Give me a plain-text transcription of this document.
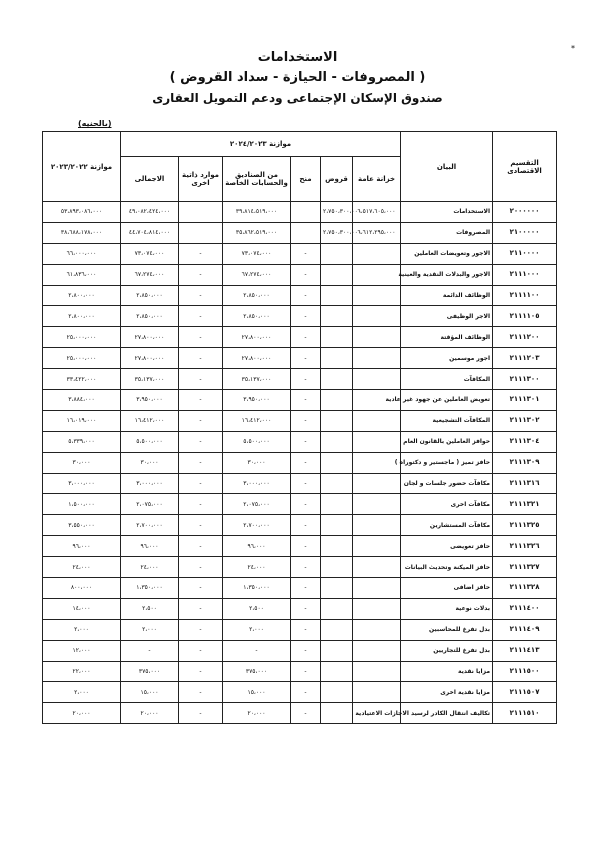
*
الاستخدامات
( المصروفات - الحيازة - سداد القروض )
صندوق الإسكان الإجتماعى ودعم التمويل العقارى
(بالجنيه)
موازنة ٢٠٢٣/٢٠٢٢	موازنة ٢٠٢٤/٢٠٢٣						البيان	التقسيم الاقتصادى
	الاجمالى	موارد ذاتية اخرى	من الصناديق والحسابات الخاصة	منح	قروض	خزانة عامة		
٥٣،٨٩٣،٠٨٦،٠٠٠	٤٩،٠٨٢،٤٢٤،٠٠٠		٣٩،٨١٤،٥١٩،٠٠٠		٢،٧٥٠،٣٠٠،٠٠٠	٦،٥١٧،٦٠٥،٠٠٠	الاستخدامات	٢٠٠٠٠٠٠
٣٨،٦٨٨،١٧٨،٠٠٠	٤٤،٧٠٤،٨١٤،٠٠٠		٣٥،٨٦٢،٥١٩،٠٠٠		٢،٧٥٠،٣٠٠،٠٠٠	٦،٦١٢،٢٩٥،٠٠٠	المصروفات	٢١٠٠٠٠٠
٦٦،٠٠٠،٠٠٠	٧٣،٠٧٤،٠٠٠	-	٧٣،٠٧٤،٠٠٠	-			الاجور وتعويضات العاملين	٢١١٠٠٠٠
٦١،٨٣٦،٠٠٠	٦٧،٢٧٤،٠٠٠	-	٦٧،٢٧٤،٠٠٠	-			الاجور والبدلات النقدية والعينية	٢١١١٠٠٠
٢،٨٠٠،٠٠٠	٢،٨٥٠،٠٠٠	-	٢،٨٥٠،٠٠٠	-			الوظائف الدائمة	٢١١١١٠٠
٢،٨٠٠،٠٠٠	٢،٨٥٠،٠٠٠	-	٢،٨٥٠،٠٠٠	-			الاجر الوظيفى	٢١١١١٠٥
٢٥،٠٠٠،٠٠٠	٢٧،٨٠٠،٠٠٠	-	٢٧،٨٠٠،٠٠٠	-			الوظائف المؤقتة	٢١١١٢٠٠
٢٥،٠٠٠،٠٠٠	٢٧،٨٠٠،٠٠٠	-	٢٧،٨٠٠،٠٠٠	-			اجور موسمين	٢١١١٢٠٣
٣٣،٤٢٢،٠٠٠	٣٥،١٣٧،٠٠٠	-	٣٥،١٣٧،٠٠٠	-			المكافآت	٢١١١٣٠٠
٣،٨٨٤،٠٠٠	٣،٩٥٠،٠٠٠	-	٣،٩٥٠،٠٠٠	-			تعويض العاملين عن جهود غير عادية	٢١١١٣٠١
١٦،٠١٩،٠٠٠	١٦،٤١٢،٠٠٠	-	١٦،٤١٢،٠٠٠	-			المكافآت التشجيعية	٢١١١٣٠٢
٥،٣٣٩،٠٠٠	٥،٥٠٠،٠٠٠	-	٥،٥٠٠،٠٠٠	-			حوافز العاملين بالقانون العام	٢١١١٣٠٤
٣٠،٠٠٠	٣٠،٠٠٠	-	٣٠،٠٠٠	-			حافز تميز ( ماجستير و دكتوراه )	٢١١١٣٠٩
٣،٠٠٠،٠٠٠	٣،٠٠٠،٠٠٠	-	٣،٠٠٠،٠٠٠	-			مكافآت حضور جلسات و لجان	٢١١١٣١٦
١،٥٠٠،٠٠٠	٢،٠٧٥،٠٠٠	-	٢،٠٧٥،٠٠٠	-			مكافآت اخرى	٢١١١٣٢١
٣،٥٥٠،٠٠٠	٢،٧٠٠،٠٠٠	-	٢،٧٠٠،٠٠٠	-			مكافآت المستشارين	٢١١١٣٢٥
٩٦،٠٠٠	٩٦،٠٠٠	-	٩٦،٠٠٠	-			حافز تعويضى	٢١١١٣٢٦
٢٤،٠٠٠	٢٤،٠٠٠	-	٢٤،٠٠٠	-			حافز الميكنة وتحديث البيانات	٢١١١٣٢٧
٨٠٠،٠٠٠	١،٣٥٠،٠٠٠	-	١،٣٥٠،٠٠٠	-			حافز اضافى	٢١١١٣٢٨
١٤،٠٠٠	٢،٥٠٠	-	٢،٥٠٠	-			بدلات نوعية	٢١١١٤٠٠
٢،٠٠٠	٢،٠٠٠	-	٢،٠٠٠	-			بدل تفرغ للمحاسبين	٢١١١٤٠٩
١٢،٠٠٠	-	-	-	-			بدل تفرغ للتجاريين	٢١١١٤١٣
٢٢،٠٠٠	٣٧٥،٠٠٠	-	٣٧٥،٠٠٠	-			مزايا نقدية	٢١١١٥٠٠
٢،٠٠٠	١٥،٠٠٠	-	١٥،٠٠٠	-			مزايا نقدية اخرى	٢١١١٥٠٧
٢٠،٠٠٠	٢٠،٠٠٠	-	٢٠،٠٠٠	-			تكاليف انتقال الكادر لرسيد الاجازات الاعتيادية	٢١١١٥١٠
